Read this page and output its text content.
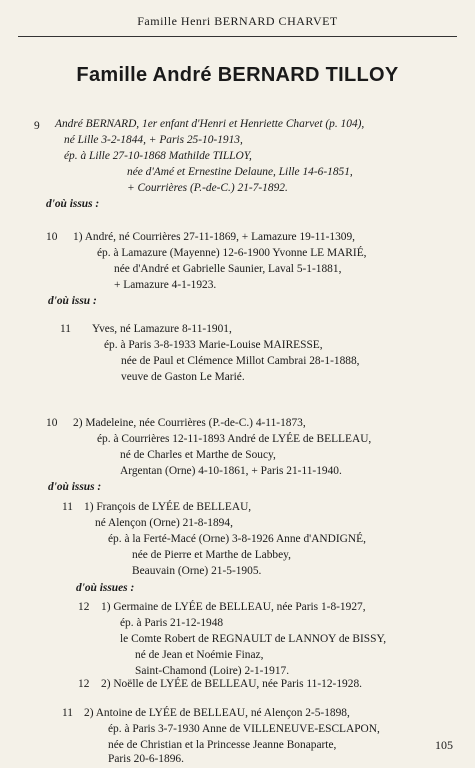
Famille Henri BERNARD CHARVET
Famille André BERNARD TILLOY
9 André BERNARD, 1er enfant d'Henri et Henriette Charvet (p. 104),
né Lille 3-2-1844, + Paris 25-10-1913,
ép. à Lille 27-10-1868 Mathilde TILLOY,
née d'Amé et Ernestine Delaune, Lille 14-6-1851,
+ Courrières (P.-de-C.) 21-7-1892.
d'où issus :
10 1) André, né Courrières 27-11-1869, + Lamazure 19-11-1309,
ép. à Lamazure (Mayenne) 12-6-1900 Yvonne LE MARIÉ,
née d'André et Gabrielle Saunier, Laval 5-1-1881,
+ Lamazure 4-1-1923.
d'où issu :
11 Yves, né Lamazure 8-11-1901,
ép. à Paris 3-8-1933 Marie-Louise MAIRESSE,
née de Paul et Clémence Millot Cambrai 28-1-1888,
veuve de Gaston Le Marié.
10 2) Madeleine, née Courrières (P.-de-C.) 4-11-1873,
ép. à Courrières 12-11-1893 André de LYÉE de BELLEAU,
né de Charles et Marthe de Soucy,
Argentan (Orne) 4-10-1861, + Paris 21-11-1940.
d'où issus :
11 1) François de LYÉE de BELLEAU,
né Alençon (Orne) 21-8-1894,
ép. à la Ferté-Macé (Orne) 3-8-1926 Anne d'ANDIGNÉ,
née de Pierre et Marthe de Labbey,
Beauvain (Orne) 21-5-1905.
d'où issues :
12 1) Germaine de LYÉE de BELLEAU, née Paris 1-8-1927,
ép. à Paris 21-12-1948
le Comte Robert de REGNAULT de LANNOY de BISSY,
né de Jean et Noémie Finaz,
Saint-Chamond (Loire) 2-1-1917.
12 2) Noëlle de LYÉE de BELLEAU, née Paris 11-12-1928.
11 2) Antoine de LYÉE de BELLEAU, né Alençon 2-5-1898,
ép. à Paris 3-7-1930 Anne de VILLENEUVE-ESCLAPON,
née de Christian et la Princesse Jeanne Bonaparte,
Paris 20-6-1896.
105
